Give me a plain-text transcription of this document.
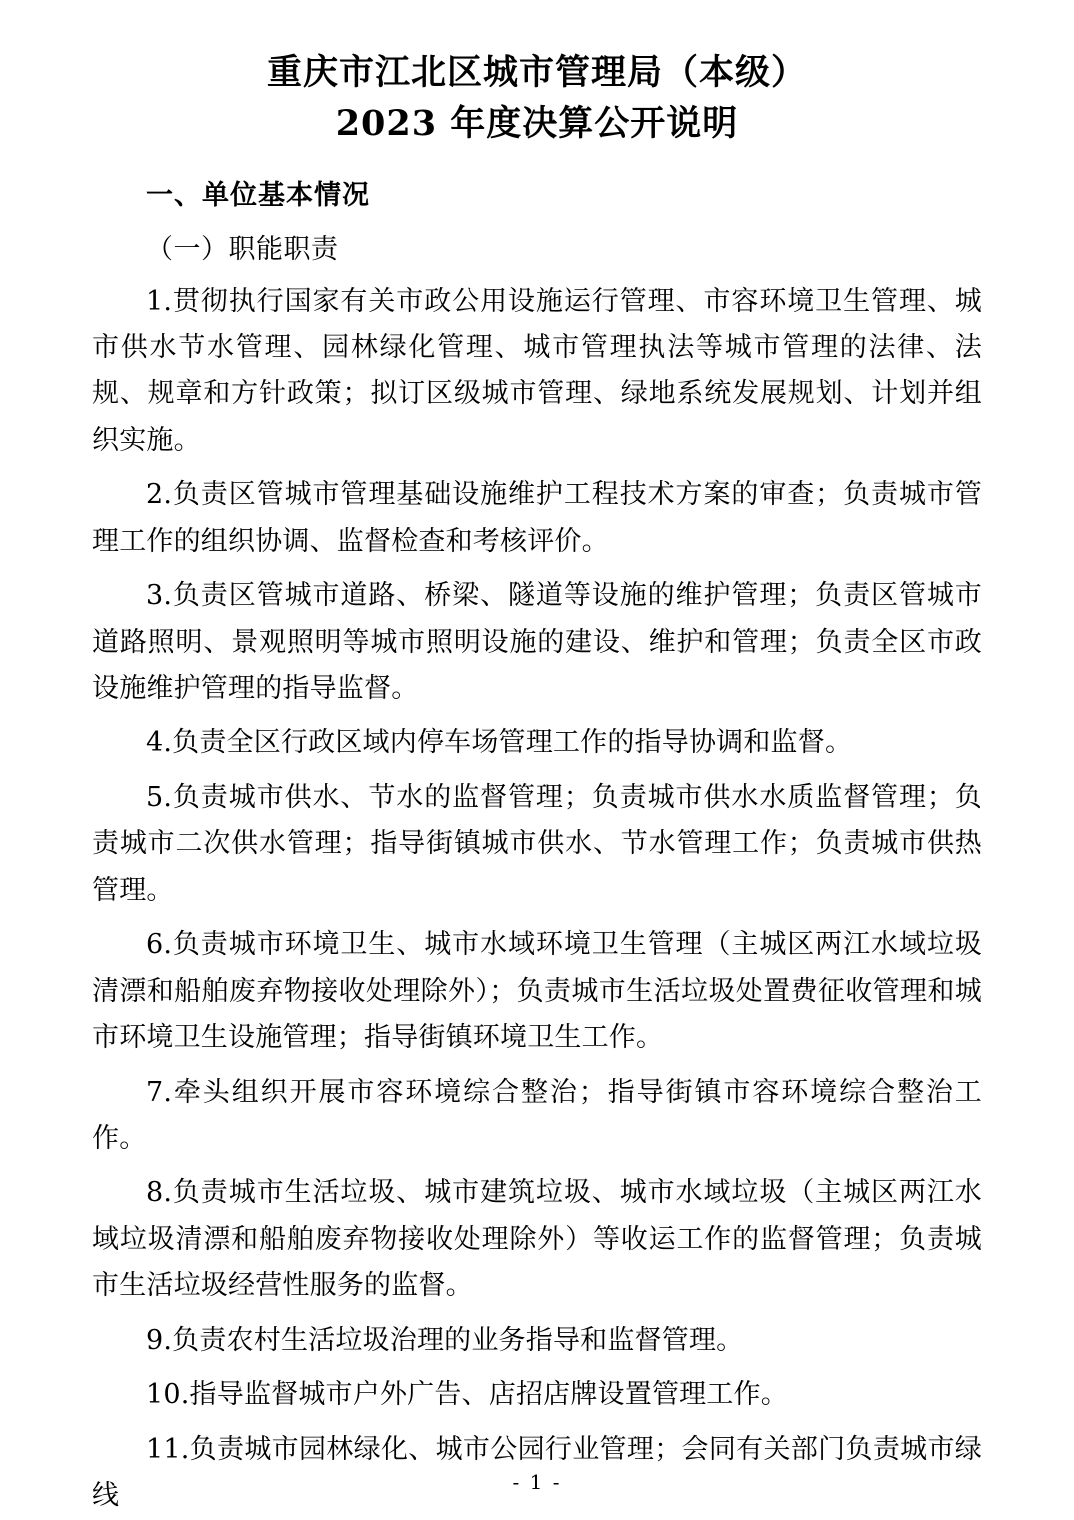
重庆市江北区城市管理局（本级）
2023 年度决算公开说明

一、单位基本情况

（一）职能职责

1.贯彻执行国家有关市政公用设施运行管理、市容环境卫生管理、城市供水节水管理、园林绿化管理、城市管理执法等城市管理的法律、法规、规章和方针政策；拟订区级城市管理、绿地系统发展规划、计划并组织实施。

2.负责区管城市管理基础设施维护工程技术方案的审查；负责城市管理工作的组织协调、监督检查和考核评价。

3.负责区管城市道路、桥梁、隧道等设施的维护管理；负责区管城市道路照明、景观照明等城市照明设施的建设、维护和管理；负责全区市政设施维护管理的指导监督。

4.负责全区行政区域内停车场管理工作的指导协调和监督。

5.负责城市供水、节水的监督管理；负责城市供水水质监督管理；负责城市二次供水管理；指导街镇城市供水、节水管理工作；负责城市供热管理。

6.负责城市环境卫生、城市水域环境卫生管理（主城区两江水域垃圾清漂和船舶废弃物接收处理除外）；负责城市生活垃圾处置费征收管理和城市环境卫生设施管理；指导街镇环境卫生工作。

7.牵头组织开展市容环境综合整治；指导街镇市容环境综合整治工作。

8.负责城市生活垃圾、城市建筑垃圾、城市水域垃圾（主城区两江水域垃圾清漂和船舶废弃物接收处理除外）等收运工作的监督管理；负责城市生活垃圾经营性服务的监督。

9.负责农村生活垃圾治理的业务指导和监督管理。

10.指导监督城市户外广告、店招店牌设置管理工作。

11.负责城市园林绿化、城市公园行业管理；会同有关部门负责城市绿线	- 1 -
